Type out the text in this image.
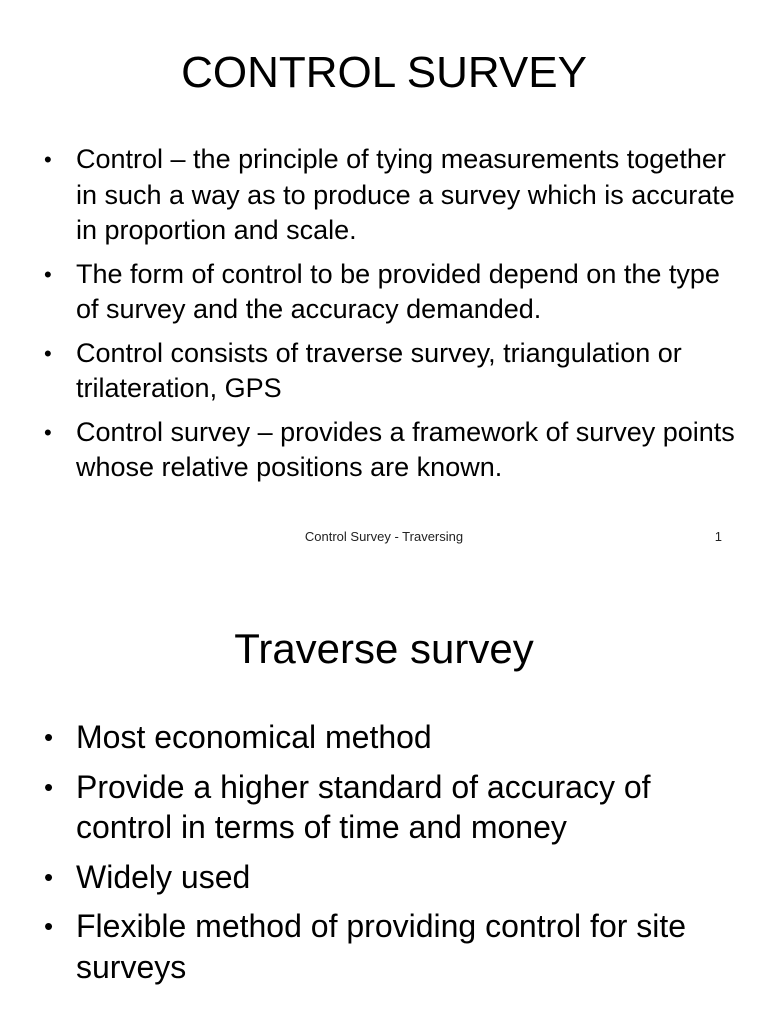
CONTROL SURVEY
• Control – the principle of tying measurements together in such a way as to produce a survey which is accurate in proportion and scale.
• The form of control to be provided depend on the type of survey and the accuracy demanded.
• Control consists of traverse survey, triangulation or trilateration, GPS
• Control survey – provides a framework of survey points whose relative positions are known.
Control Survey - Traversing	1
Traverse survey
• Most economical method
• Provide a higher standard of accuracy of control in terms of time and money
• Widely used
• Flexible method of providing control for site surveys
